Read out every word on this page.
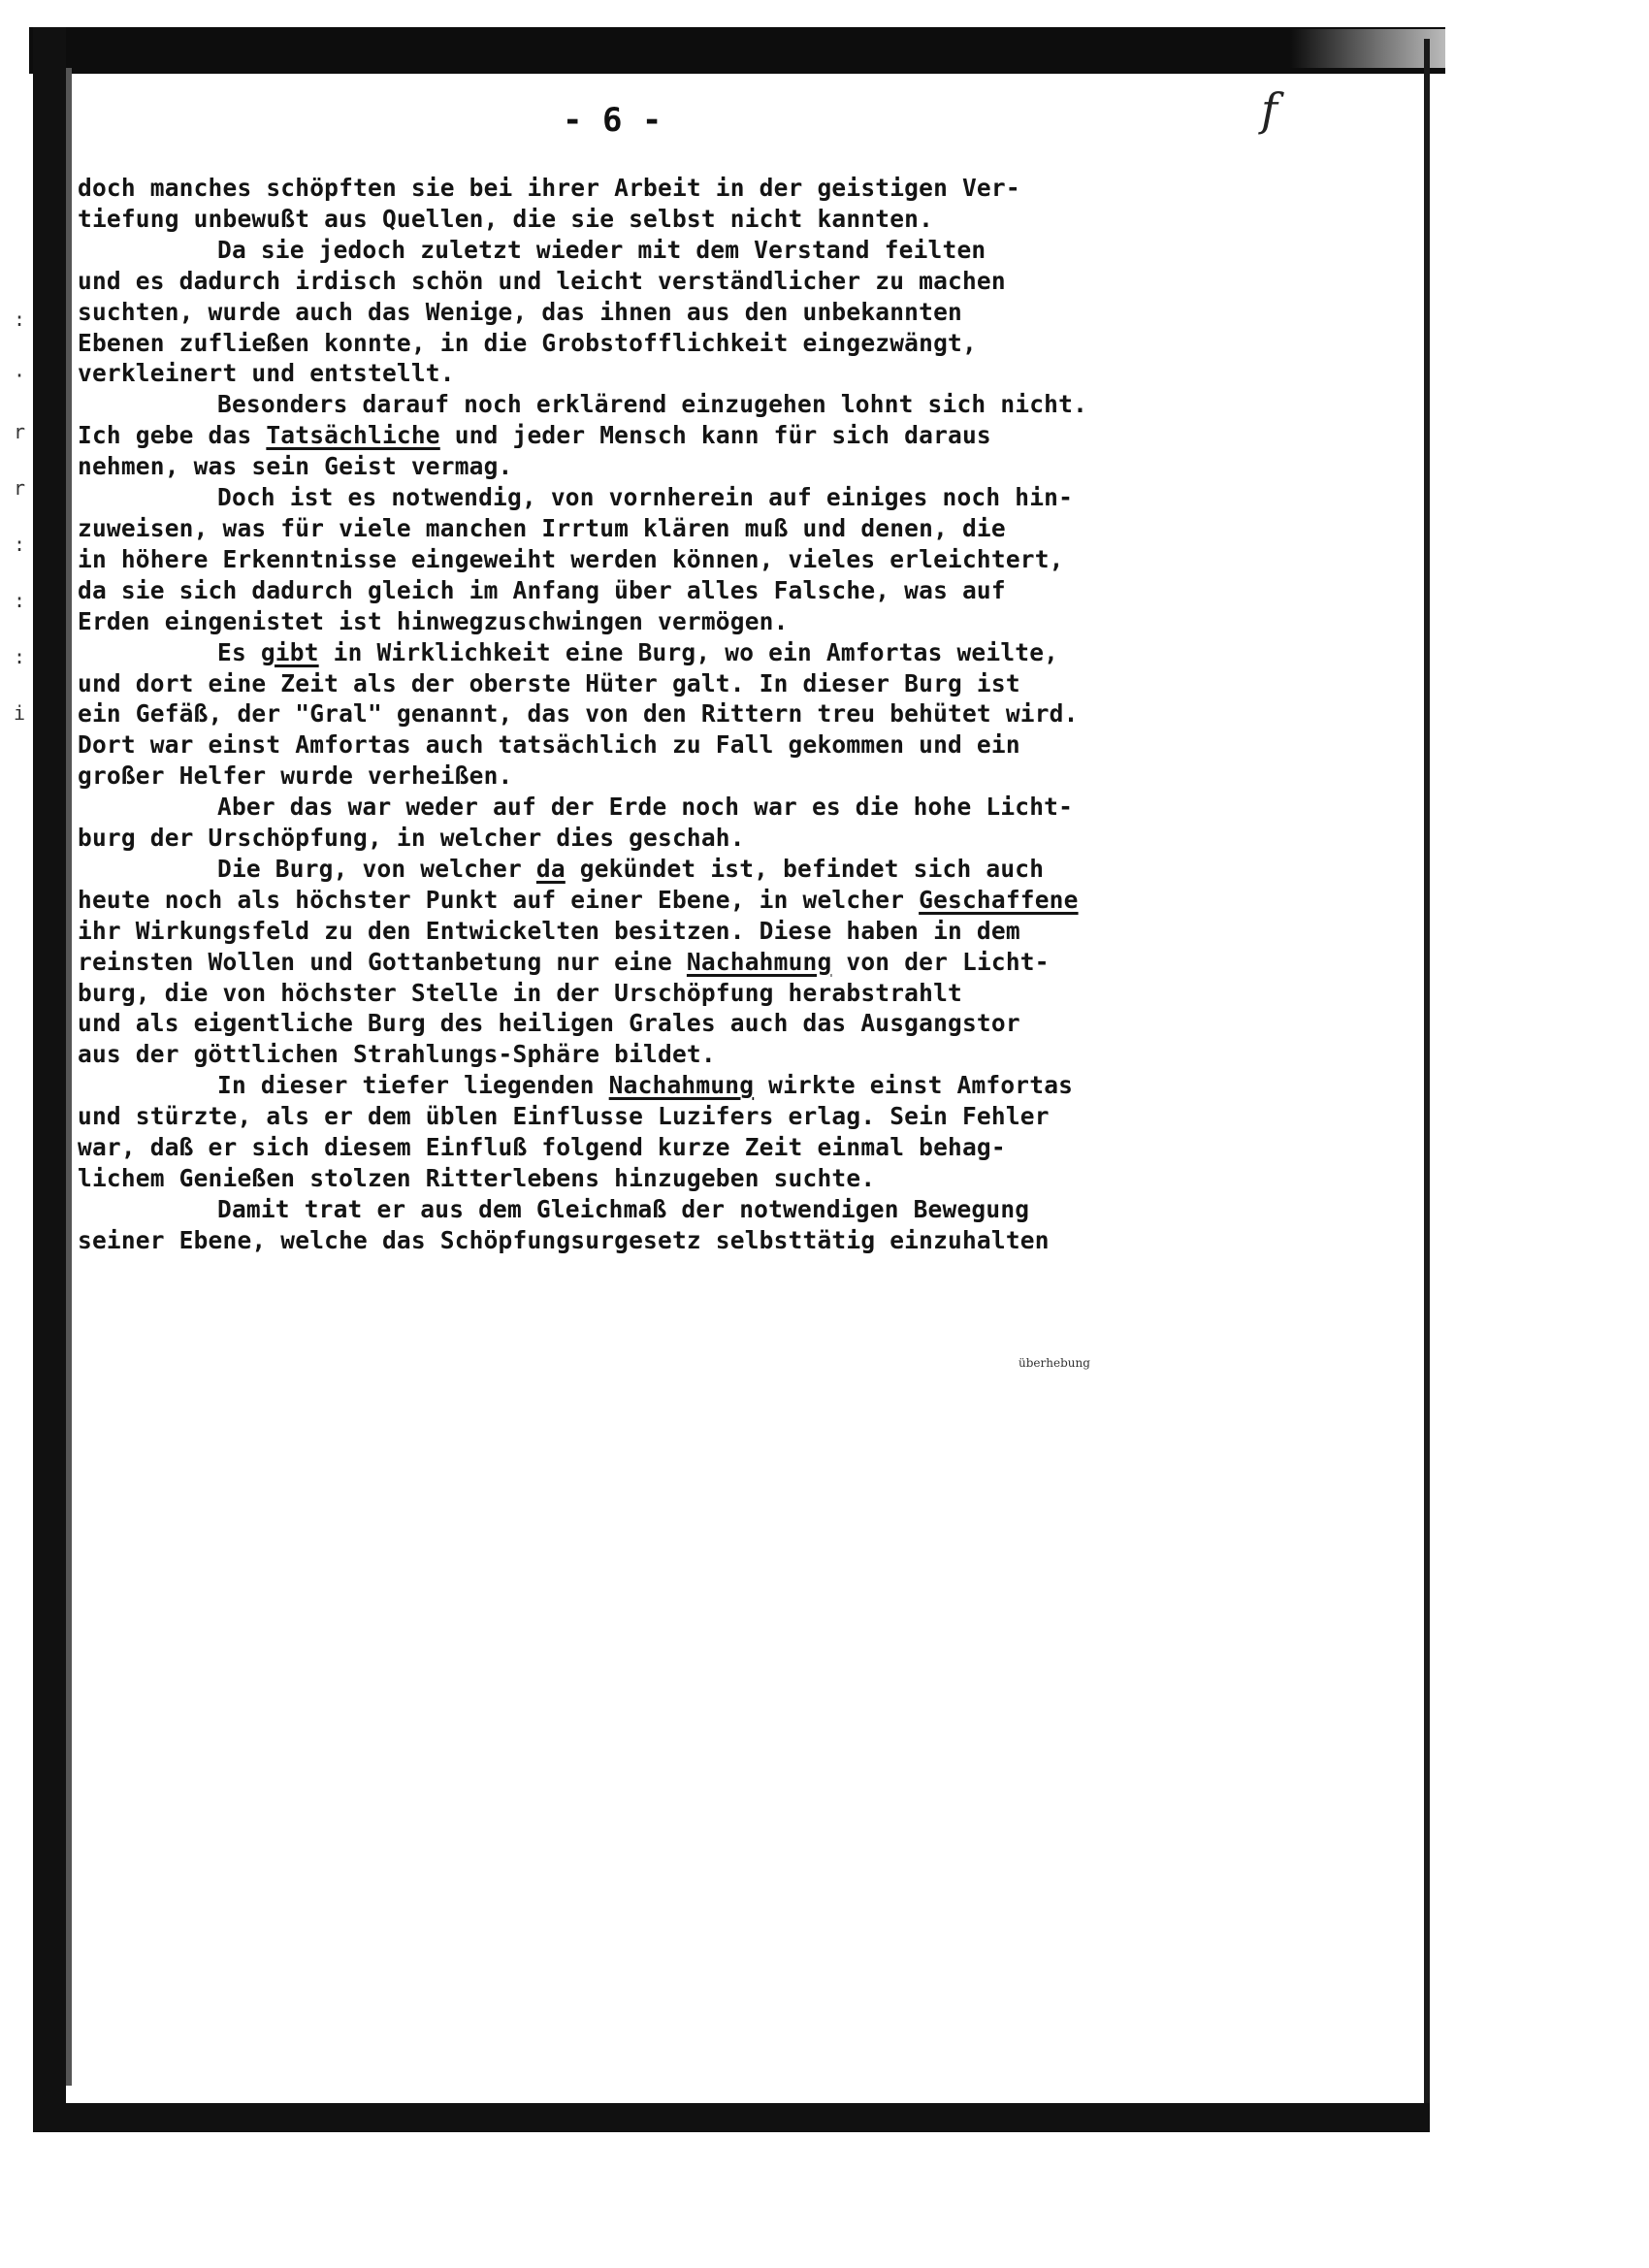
:
·
r
r
:
:
:
i
- 6 -	f
überhebung
doch manches schöpften sie bei ihrer Arbeit in der geistigen Ver-
tiefung unbewußt aus Quellen, die sie selbst nicht kannten.
Da sie jedoch zuletzt wieder mit dem Verstand feilten
und es dadurch irdisch schön und leicht verständlicher zu machen
suchten, wurde auch das Wenige, das ihnen aus den unbekannten
Ebenen zufließen konnte, in die Grobstofflichkeit eingezwängt,
verkleinert und entstellt.
Besonders darauf noch erklärend einzugehen lohnt sich nicht.
Ich gebe das Tatsächliche und jeder Mensch kann für sich daraus
nehmen, was sein Geist vermag.
Doch ist es notwendig, von vornherein auf einiges noch hin-
zuweisen, was für viele manchen Irrtum klären muß und denen, die
in höhere Erkenntnisse eingeweiht werden können, vieles erleichtert,
da sie sich dadurch gleich im Anfang über alles Falsche, was auf
Erden eingenistet ist hinwegzuschwingen vermögen.
Es gibt in Wirklichkeit eine Burg, wo ein Amfortas weilte,
und dort eine Zeit als der oberste Hüter galt. In dieser Burg ist
ein Gefäß, der "Gral" genannt, das von den Rittern treu behütet wird.
Dort war einst Amfortas auch tatsächlich zu Fall gekommen und ein
großer Helfer wurde verheißen.
Aber das war weder auf der Erde noch war es die hohe Licht-
burg der Urschöpfung, in welcher dies geschah.
Die Burg, von welcher da gekündet ist, befindet sich auch
heute noch als höchster Punkt auf einer Ebene, in welcher Geschaffene
ihr Wirkungsfeld zu den Entwickelten besitzen. Diese haben in dem
reinsten Wollen und Gottanbetung nur eine Nachahmung von der Licht-
burg, die von höchster Stelle in der Urschöpfung herabstrahlt
und als eigentliche Burg des heiligen Grales auch das Ausgangstor
aus der göttlichen Strahlungs-Sphäre bildet.
In dieser tiefer liegenden Nachahmung wirkte einst Amfortas
und stürzte, als er dem üblen Einflusse Luzifers erlag. Sein Fehler
war, daß er sich diesem Einfluß folgend kurze Zeit einmal behag-
lichem Genießen stolzen Ritterlebens hinzugeben suchte.
Damit trat er aus dem Gleichmaß der notwendigen Bewegung
seiner Ebene, welche das Schöpfungsurgesetz selbsttätig einzuhalten
